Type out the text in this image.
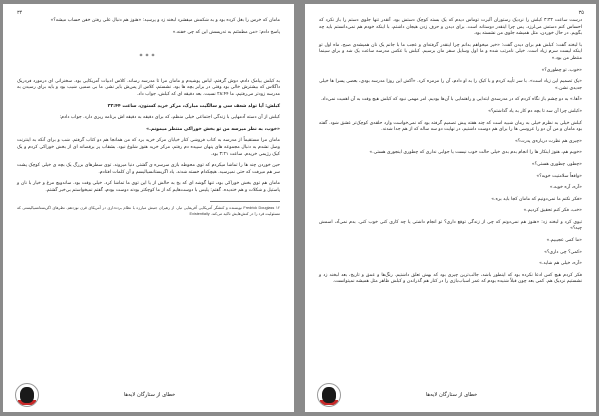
۳۴

مامان که خرس را بغل کرده بود و به شکمش میفشرد لبخند زد و پرسید: «هنوز هم دنبال علی رفتن خفن حساب میشه؟»

پاسخ دادم: «من مطمئنم به تدریسش این که چی خفنه.»

***

به کبلش بیامک دادم، دوش گرفتم، لباس پوشیدم و مامان مرا تا مدرسه رساند. کلاس ادبیات آمریکایی بود. سخنرانی ای درمورد فردریک داگلاس که بیشترش خالی بود وقتی در برابر بچه ها بود. نشستم، کلاس از پس‌ش بایر نشر. ما بی ضمیر، شیب بود و باید برای رسیدن به مدرسه زودتر می‌رفتیم، ما ۲۸:۴۴ نسبت. بعد دقیقه ای که کبلش، جواب داد.

کبلش: آیا تولد شعف سی و سالگیت مبارک، مرکز خرید کستون، ساعت ۳۲:۴۴

کبلش از آن دسته آدمهایی با زندگی اجتماعی خیلی منظم، که برای دقیقه به دقیقه اش برنامه ریزی دارد. جواب دادم:

«خوب، به نظر میرسه من تو بخش خوراکی منتظر میمونم.»

مامان مرا مستقیماً از مدرسه به کتاب فروشی کنار خیابان مرکز خرید برد که من همانجا هم دو کتاب گرفتم. شب و برای آنکه به اینترنت وصل نشدم به دنبال مجموعه های پنهان سپیده دم رفتم، مرکز خرید هنوز شلوغ نبود. بشقاب پر برقصانه ای از بخش خوراکی کردم و یک کیک رژیمی خریدم. ساعت ۳:۲۱ بود.

حین خوردن چند ها را تماشا میکردم که توی محوطه بازی سرسره ی گشتی دنیا میروند. توی سطرهای بزرگ یک بچه ی خیلی کوچک پشت سر هم میرفت که حتی نمیرسید. هیچکدام خسته شدند. یاد اگزیستانسیالیسم و آن کلمات افتادم.

مامان هم توی بخش خوراکی بود، تنها گوشه ای که بخ به حالش از یا این توی ما تماشا کرد. خیلی وقت بود. ساندویچ مرغ و خیار با نان و پاستیل و شکلات و هم خندیده. گفتم: پلیس با دوست‌هایم که از ما کوچکتر بودند دوست بودم، گفتم نمیخواستم بی‌خبر گشتم.

۱۲ Fredrick Douglass نویسنده و کنشگر آمریکایی آفریقایی تبار، از رهبران جنبش مبارزه با نظام برده‌داری در آمریکای قرن نوزدهم. نظرهای اگزیستانسیالیستی که مسئولیت فرد را در کنش‌هایش تاکید می‌کند. Existentially
خطای از ستارگان لایه‌ها
۳۵

درست ساعت ۳:۳۲ کبلش را نزدیک رستوران آلبرت توماس دیدم که یک بسته کوچک دستش بود. آنقدر تنها جلوی دستم را باز نکرد که احساس کنم دستش می‌لرزد. پس چرا اینقدر دوستانه است. برای دیدن و حرف زدن هیجان داشتم، با اینکه خودم هم نمی‌دانستم باید چه بگویم. در حال خوردن، مثل همیشه جلوی من نشسته بود.

با لبخند گفت: کبلش هم برای دیدن گفت: «خیر میخواهم بدانم چرا اینقدر گرفته‌ای و عجب ما با جانم یک نان همیشه‌ی صبح، ماه اول تو اینکه لیست سرم زیاد است. خیلی نامرتب شده و ما اول وسایل سفر مان برسیم. کبلش با عکس مدرسه ساعت یک شد و برای سینما منتظر من بود.»

«خوب، تو چطوری؟»

«یک تصمیم این زیاد است». با سر تأیید کردم و با کیک را به او دادم، آن را مزمزه کرد. «آکش این روزا مدرسه بودی، بعضی پسرا ها خیلی جدیدی نشن.»

«آها.» به دو چشم باز نگاه کردم که در مدرسه‌ی ابتدایی و راهنمایی با آن‌ها بودیم. امر مهمی نبود که کبلش هیچ وقت به آن اهمیت نمی‌داد.

«کبلش چرا آن سه تا بچه دم کار به یاد گذاشتم؟»

کبلش خیلی به نظرم خیلی به رمان شبیه است که چند هفته پیش تصمیم گرفته بود که نمی‌خواست وارد حلقه‌ی کوچک‌تر عشق شود. گفته بود مامان و من آن دو را عروسی ها را برای هم دوست داشتیم، در نهایت دو سه ساله که از هم جدا شدند.

«چیزی هم نظرت درباره‌ی پدرت؟»

«خوبم هم، هنوز اینکار ها را انجام بدم بدی خیلی حالت خوب نیست یا جوابی نداری که چطوری اینجوری هستی.»

«چطور، چطوری هستی؟»

«واقعاً سلامتیت خوبه؟»

«آره، آره خوبه.»

«فکر نکنم ما نمی‌دونیم که مامان کجا باید بره.»

«خب، فکر کنم تحقیق کردیم.»

تیوی کرد و لبخند زد: «هنوز هم نمی‌دونم که چی از زندگی توقع داری؟ تو انجام داشتی یا چه کاری کنی خوب کنی. بدم نمی‌آد، اسمش چیه؟»

«ما کمی عجیبیم.»

«کمی؟ چی داری؟»

«آره، خیلی هم شاید.»

فکر کردم هیچ کس ادعا نکرده بود که اینطور باشد، جالب‌ترین چیزی بود که بهش تعلق داشتیم. رنگ‌ها و عمق و تاریخ، بعد لبخند زد و نشستیم نزدیک هم. کمی بعد چون قبلاً شنیده بودم که عمر اسباب‌بازی را در کنار هم گذراندن و کبلش ظاهر مثل همیشه نمیتوانست.

خطای از ستارگان لایه‌ها
